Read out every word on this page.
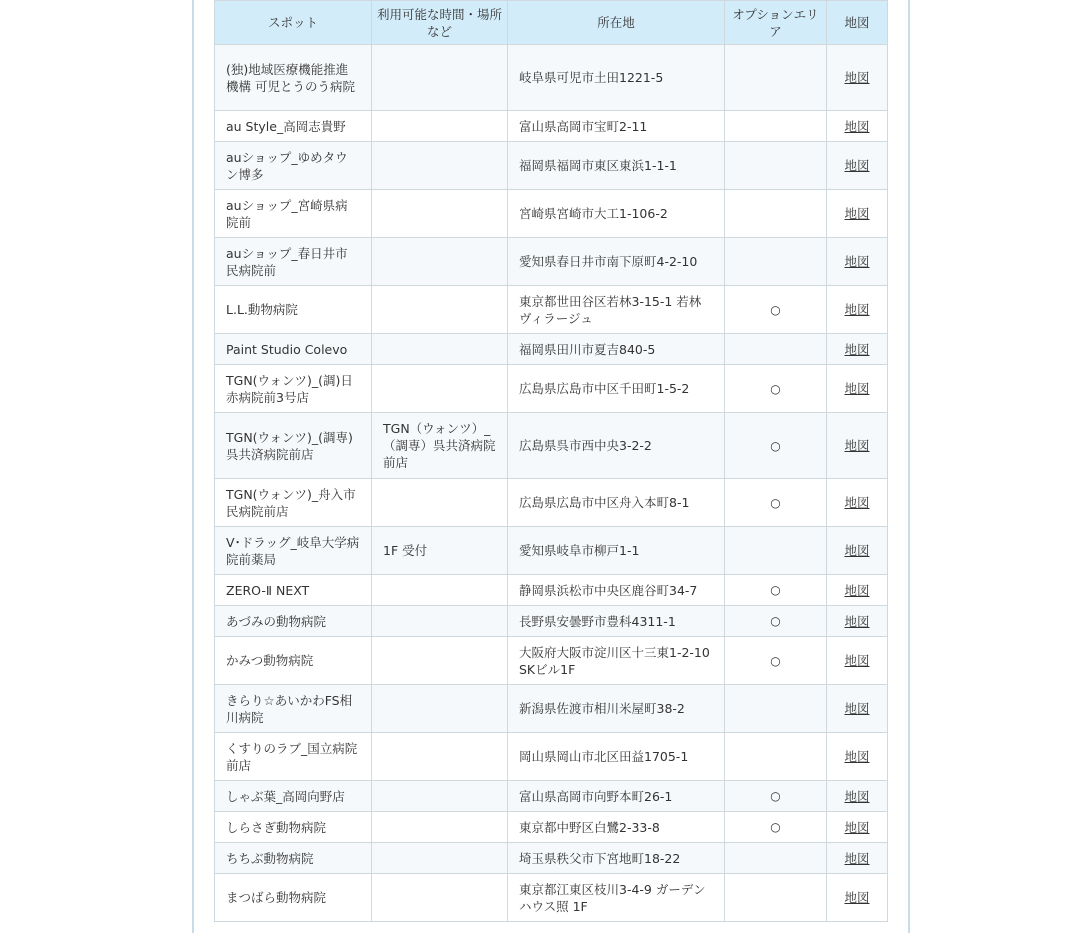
スポット	利用可能な時間・場所など	所在地	オプションエリア	地図
(独)地域医療機能推進機構 可児とうのう病院		岐阜県可児市土田1221-5		地図
au Style_高岡志貴野		富山県高岡市宝町2-11		地図
auショップ_ゆめタウン博多		福岡県福岡市東区東浜1-1-1		地図
auショップ_宮崎県病院前		宮崎県宮崎市大工1-106-2		地図
auショップ_春日井市民病院前		愛知県春日井市南下原町4-2-10		地図
L.L.動物病院		東京都世田谷区若林3-15-1 若林ヴィラージュ	○	地図
Paint Studio Colevo		福岡県田川市夏吉840-5		地図
TGN(ウォンツ)_(調)日赤病院前3号店		広島県広島市中区千田町1-5-2	○	地図
TGN(ウォンツ)_(調専)呉共済病院前店	TGN（ウォンツ）_（調専）呉共済病院前店	広島県呉市西中央3-2-2	○	地図
TGN(ウォンツ)_舟入市民病院前店		広島県広島市中区舟入本町8-1	○	地図
V･ドラッグ_岐阜大学病院前薬局	1F 受付	愛知県岐阜市柳戸1-1		地図
ZERO-Ⅱ NEXT		静岡県浜松市中央区鹿谷町34-7	○	地図
あづみの動物病院		長野県安曇野市豊科4311-1	○	地図
かみつ動物病院		大阪府大阪市淀川区十三東1-2-10 SKビル1F	○	地図
きらり☆あいかわFS相川病院		新潟県佐渡市相川米屋町38-2		地図
くすりのラブ_国立病院前店		岡山県岡山市北区田益1705-1		地図
しゃぶ葉_高岡向野店		富山県高岡市向野本町26-1	○	地図
しらさぎ動物病院		東京都中野区白鷺2-33-8	○	地図
ちちぶ動物病院		埼玉県秩父市下宮地町18-22		地図
まつばら動物病院		東京都江東区枝川3-4-9 ガーデンハウス照 1F		地図
